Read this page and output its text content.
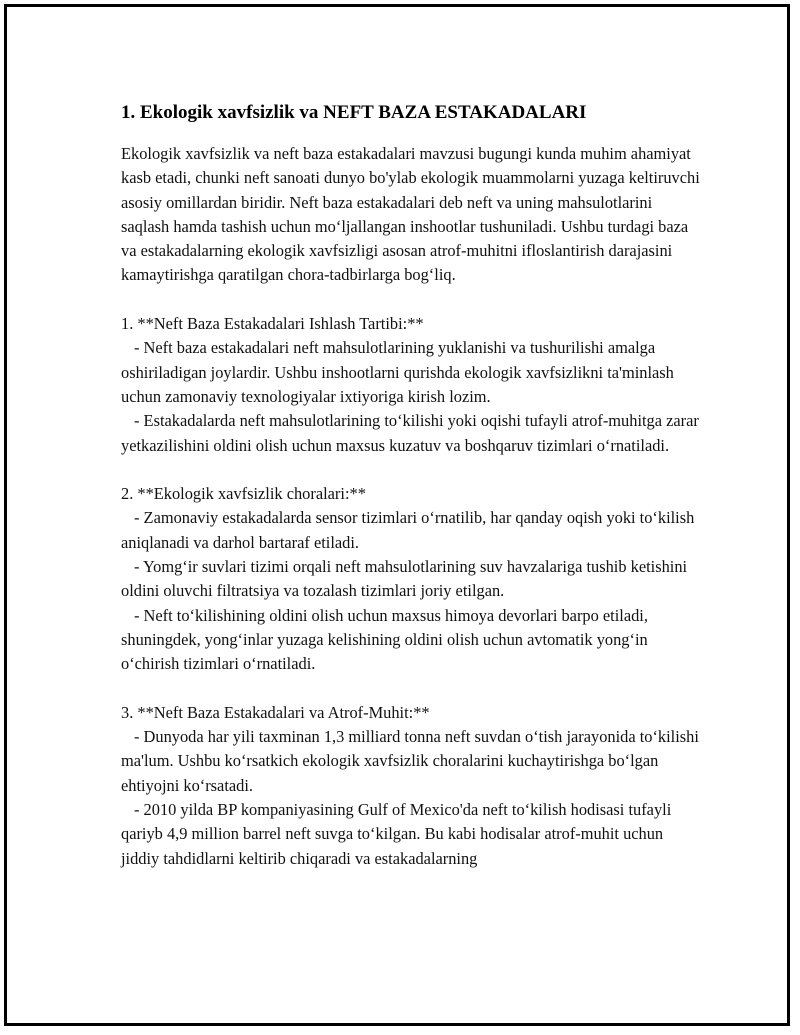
1. Ekologik xavfsizlik va NEFT BAZA ESTAKADALARI

Ekologik xavfsizlik va neft baza estakadalari mavzusi bugungi kunda muhim ahamiyat kasb etadi, chunki neft sanoati dunyo bo'ylab ekologik muammolarni yuzaga keltiruvchi asosiy omillardan biridir. Neft baza estakadalari deb neft va uning mahsulotlarini saqlash hamda tashish uchun mo‘ljallangan inshootlar tushuniladi. Ushbu turdagi baza va estakadalarning ekologik xavfsizligi asosan atrof-muhitni ifloslantirish darajasini kamaytirishga qaratilgan chora-tadbirlarga bog‘liq.

1. **Neft Baza Estakadalari Ishlash Tartibi:**

- Neft baza estakadalari neft mahsulotlarining yuklanishi va tushurilishi amalga oshiriladigan joylardir. Ushbu inshootlarni qurishda ekologik xavfsizlikni ta'minlash uchun zamonaviy texnologiyalar ixtiyoriga kirish lozim.

- Estakadalarda neft mahsulotlarining to‘kilishi yoki oqishi tufayli atrof-muhitga zarar yetkazilishini oldini olish uchun maxsus kuzatuv va boshqaruv tizimlari o‘rnatiladi.

2. **Ekologik xavfsizlik choralari:**

- Zamonaviy estakadalarda sensor tizimlari o‘rnatilib, har qanday oqish yoki to‘kilish aniqlanadi va darhol bartaraf etiladi.

- Yomg‘ir suvlari tizimi orqali neft mahsulotlarining suv havzalariga tushib ketishini oldini oluvchi filtratsiya va tozalash tizimlari joriy etilgan.

- Neft to‘kilishining oldini olish uchun maxsus himoya devorlari barpo etiladi, shuningdek, yong‘inlar yuzaga kelishining oldini olish uchun avtomatik yong‘in o‘chirish tizimlari o‘rnatiladi.

3. **Neft Baza Estakadalari va Atrof-Muhit:**

- Dunyoda har yili taxminan 1,3 milliard tonna neft suvdan o‘tish jarayonida to‘kilishi ma'lum. Ushbu ko‘rsatkich ekologik xavfsizlik choralarini kuchaytirishga bo‘lgan ehtiyojni ko‘rsatadi.

- 2010 yilda BP kompaniyasining Gulf of Mexico'da neft to‘kilish hodisasi tufayli qariyb 4,9 million barrel neft suvga to‘kilgan. Bu kabi hodisalar atrof-muhit uchun jiddiy tahdidlarni keltirib chiqaradi va estakadalarning
